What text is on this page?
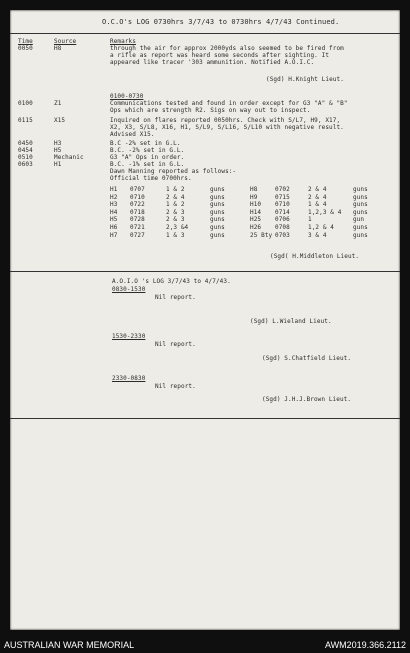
O.C.O's LOG 0730hrs 3/7/43 to 0730hrs 4/7/43 Continued.
Time	Source	Remarks
0050	H8	through the air for approx 2000yds also seemed to be fired from
a rifle as report was heard some seconds after sighting. It
appeared like tracer '303 ammunition. Notified A.O.I.C.
(Sgd) H.Knight Lieut.
0100-0730
0100	Z1	Communications tested and found in order except for G3 "A" & "B"
Ops which are strength R2. Sigs on way out to inspect.
0115	X15	Inquired on flares reported 0050hrs. Check with S/L7, H9, X17,
X2, X3, S/L8, X16, H1, S/L9, S/L16, S/L10 with negative result.
Advised X15.
0450	H3	B.C -2% set in G.L.
0454	H5	B.C. -2% set in G.L.
0510	Mechanic	G3 "A" Ops in order.
0603	H1	B.C. -1% set in G.L.
Dawn Manning reported as follows:-
Official time 0700hrs.
H1 0707	1 & 2	guns	H8	0702	2 & 4	guns
H2 0710	2 & 4	guns	H9	0715	2 & 4	guns
H3 0722	1 & 2	guns	H10 0710	1 & 4	guns
H4 0718	2 & 3	guns	H14 0714	1,2,3 & 4 guns
H5 0728	2 & 3	guns	H25 0706	1	gun
H6 0721	2,3 &4	guns	H26 0708	1,2 & 4	guns
H7 0727	1 & 3	guns	25 Bty 0703	3 & 4	guns
(Sgd( H.Middleton Lieut.
A.O.I.O 's LOG 3/7/43 to 4/7/43.
0830-1530
Nil report.
(Sgd) L.Wieland Lieut.
1530-2330
Nil report.
(Sgd) S.Chatfield Lieut.
2330-0830
Nil report.
(Sgd) J.H.J.Brown Lieut.
AUSTRALIAN WAR MEMORIAL	AWM2019.366.2112
